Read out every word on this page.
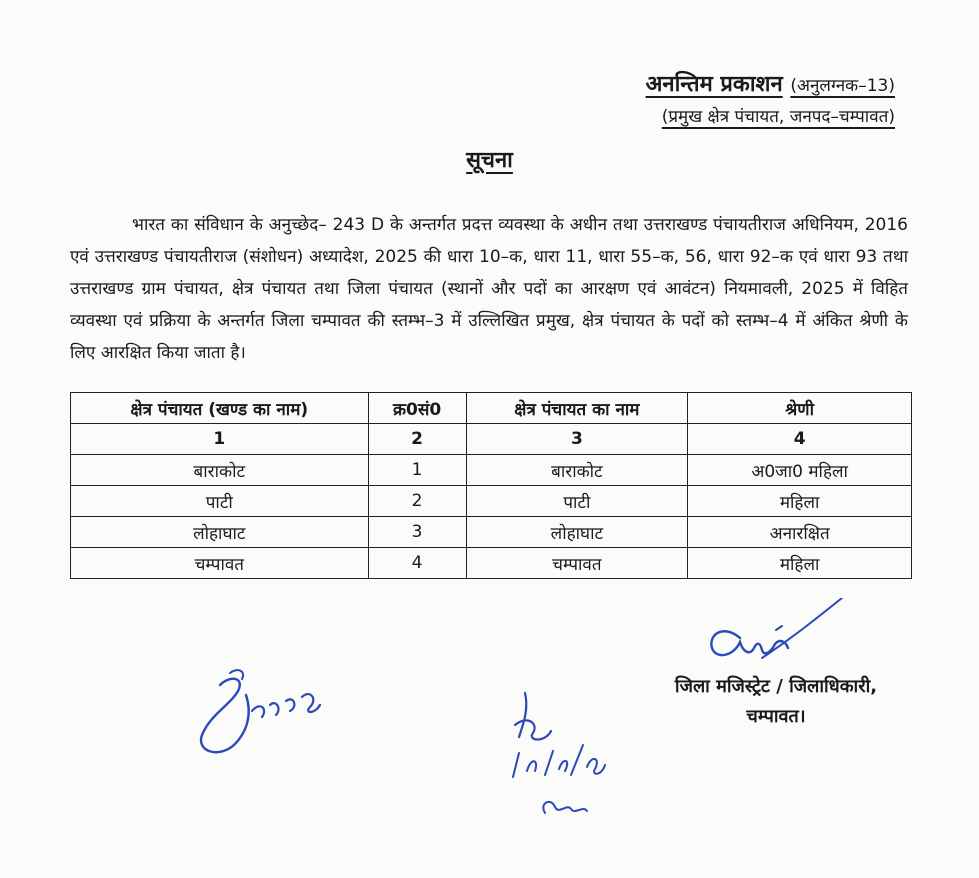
अनन्तिम प्रकाशन (अनुलग्नक–13)
(प्रमुख क्षेत्र पंचायत, जनपद–चम्पावत)
सूचना

भारत का संविधान के अनुच्छेद– 243 D के अन्तर्गत प्रदत्त व्यवस्था के अधीन तथा उत्तराखण्ड पंचायतीराज अधिनियम, 2016 एवं उत्तराखण्ड पंचायतीराज (संशोधन) अध्यादेश, 2025 की धारा 10–क, धारा 11, धारा 55–क, 56, धारा 92–क एवं धारा 93 तथा उत्तराखण्ड ग्राम पंचायत, क्षेत्र पंचायत तथा जिला पंचायत (स्थानों और पदों का आरक्षण एवं आवंटन) नियमावली, 2025 में विहित व्यवस्था एवं प्रक्रिया के अन्तर्गत जिला चम्पावत की स्तम्भ–3 में उल्लिखित प्रमुख, क्षेत्र पंचायत के पदों को स्तम्भ–4 में अंकित श्रेणी के लिए आरक्षित किया जाता है।

क्षेत्र पंचायत (खण्ड का नाम)	क्र0सं0	क्षेत्र पंचायत का नाम	श्रेणी
1	2	3	4
बाराकोट	1	बाराकोट	अ0जा0 महिला
पाटी	2	पाटी	महिला
लोहाघाट	3	लोहाघाट	अनारक्षित
चम्पावत	4	चम्पावत	महिला
जिला मजिस्ट्रेट / जिलाधिकारी,
चम्पावत।
